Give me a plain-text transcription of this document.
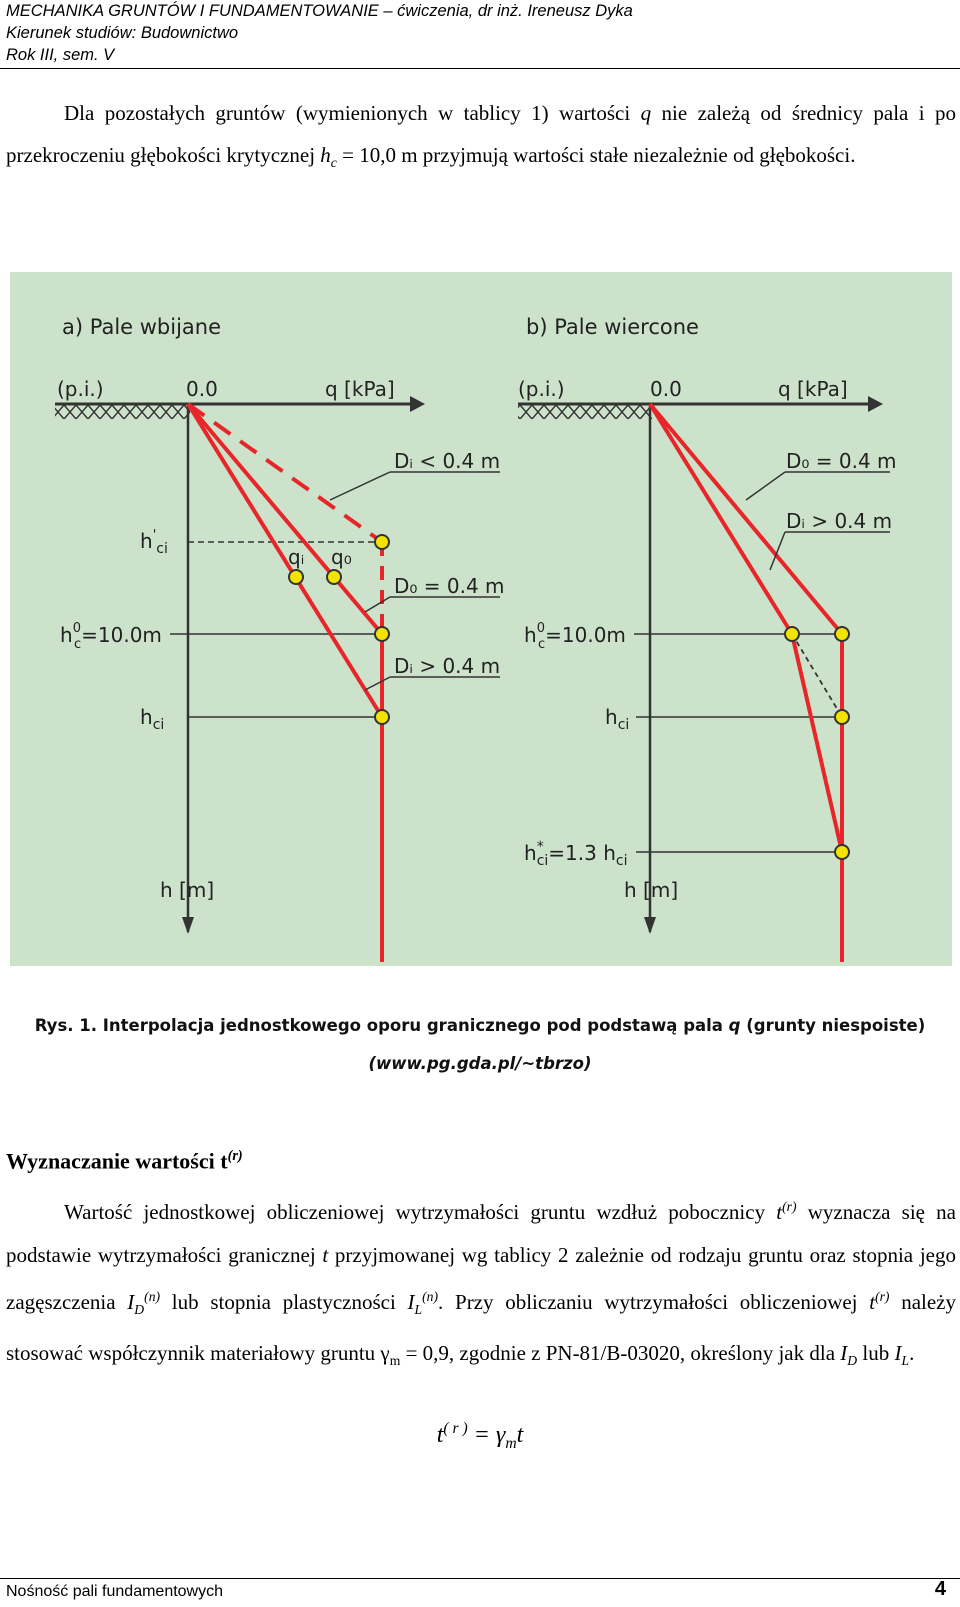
MECHANIKA GRUNTÓW I FUNDAMENTOWANIE – ćwiczenia, dr inż. Ireneusz Dyka
Kierunek studiów: Budownictwo
Rok III, sem. V
Dla pozostałych gruntów (wymienionych w tablicy 1) wartości q nie zależą od średnicy pala i po przekroczeniu głębokości krytycznej $h_c = 10,0$ m przyjmują wartości stałe niezależnie od głębokości.
a) Pale wbijane
(p.i.)	0.0	q [kPa]
h [m]
$h'_{ci}$
$h^0$ c=10.0m
$h_{ci}$
Dᵢ < 0.4 m
D₀ = 0.4 m
Dᵢ > 0.4 m
qᵢ q₀
b) Pale wiercone
(p.i.)	0.0	q [kPa]
h [m]
$h^0$ c=10.0m
$h_{ci}$
h* ci=1.3 $h_{ci}$
D₀ = 0.4 m
Dᵢ > 0.4 m
Rys. 1. Interpolacja jednostkowego oporu granicznego pod podstawą pala q (grunty niespoiste)
(www.pg.gda.pl/~tbrzo)
Wyznaczanie wartości $t^{(r)}$
Wartość jednostkowej obliczeniowej wytrzymałości gruntu wzdłuż pobocznicy $t^{(r)}$ wyznacza się na podstawie wytrzymałości granicznej t przyjmowanej wg tablicy 2 zależnie od rodzaju gruntu oraz stopnia jego zagęszczenia $I_D^{(n)}$ lub stopnia plastyczności $I_L^{(n)}$. Przy obliczaniu wytrzymałości obliczeniowej $t^{(r)}$ należy stosować współczynnik materiałowy gruntu $\gamma_m = 0,9$, zgodnie z PN-81/B-03020, określony jak dla $I_D$ lub $I_L$.
$t^{( r )} = \gamma_mt$
Nośność pali fundamentowych	4
